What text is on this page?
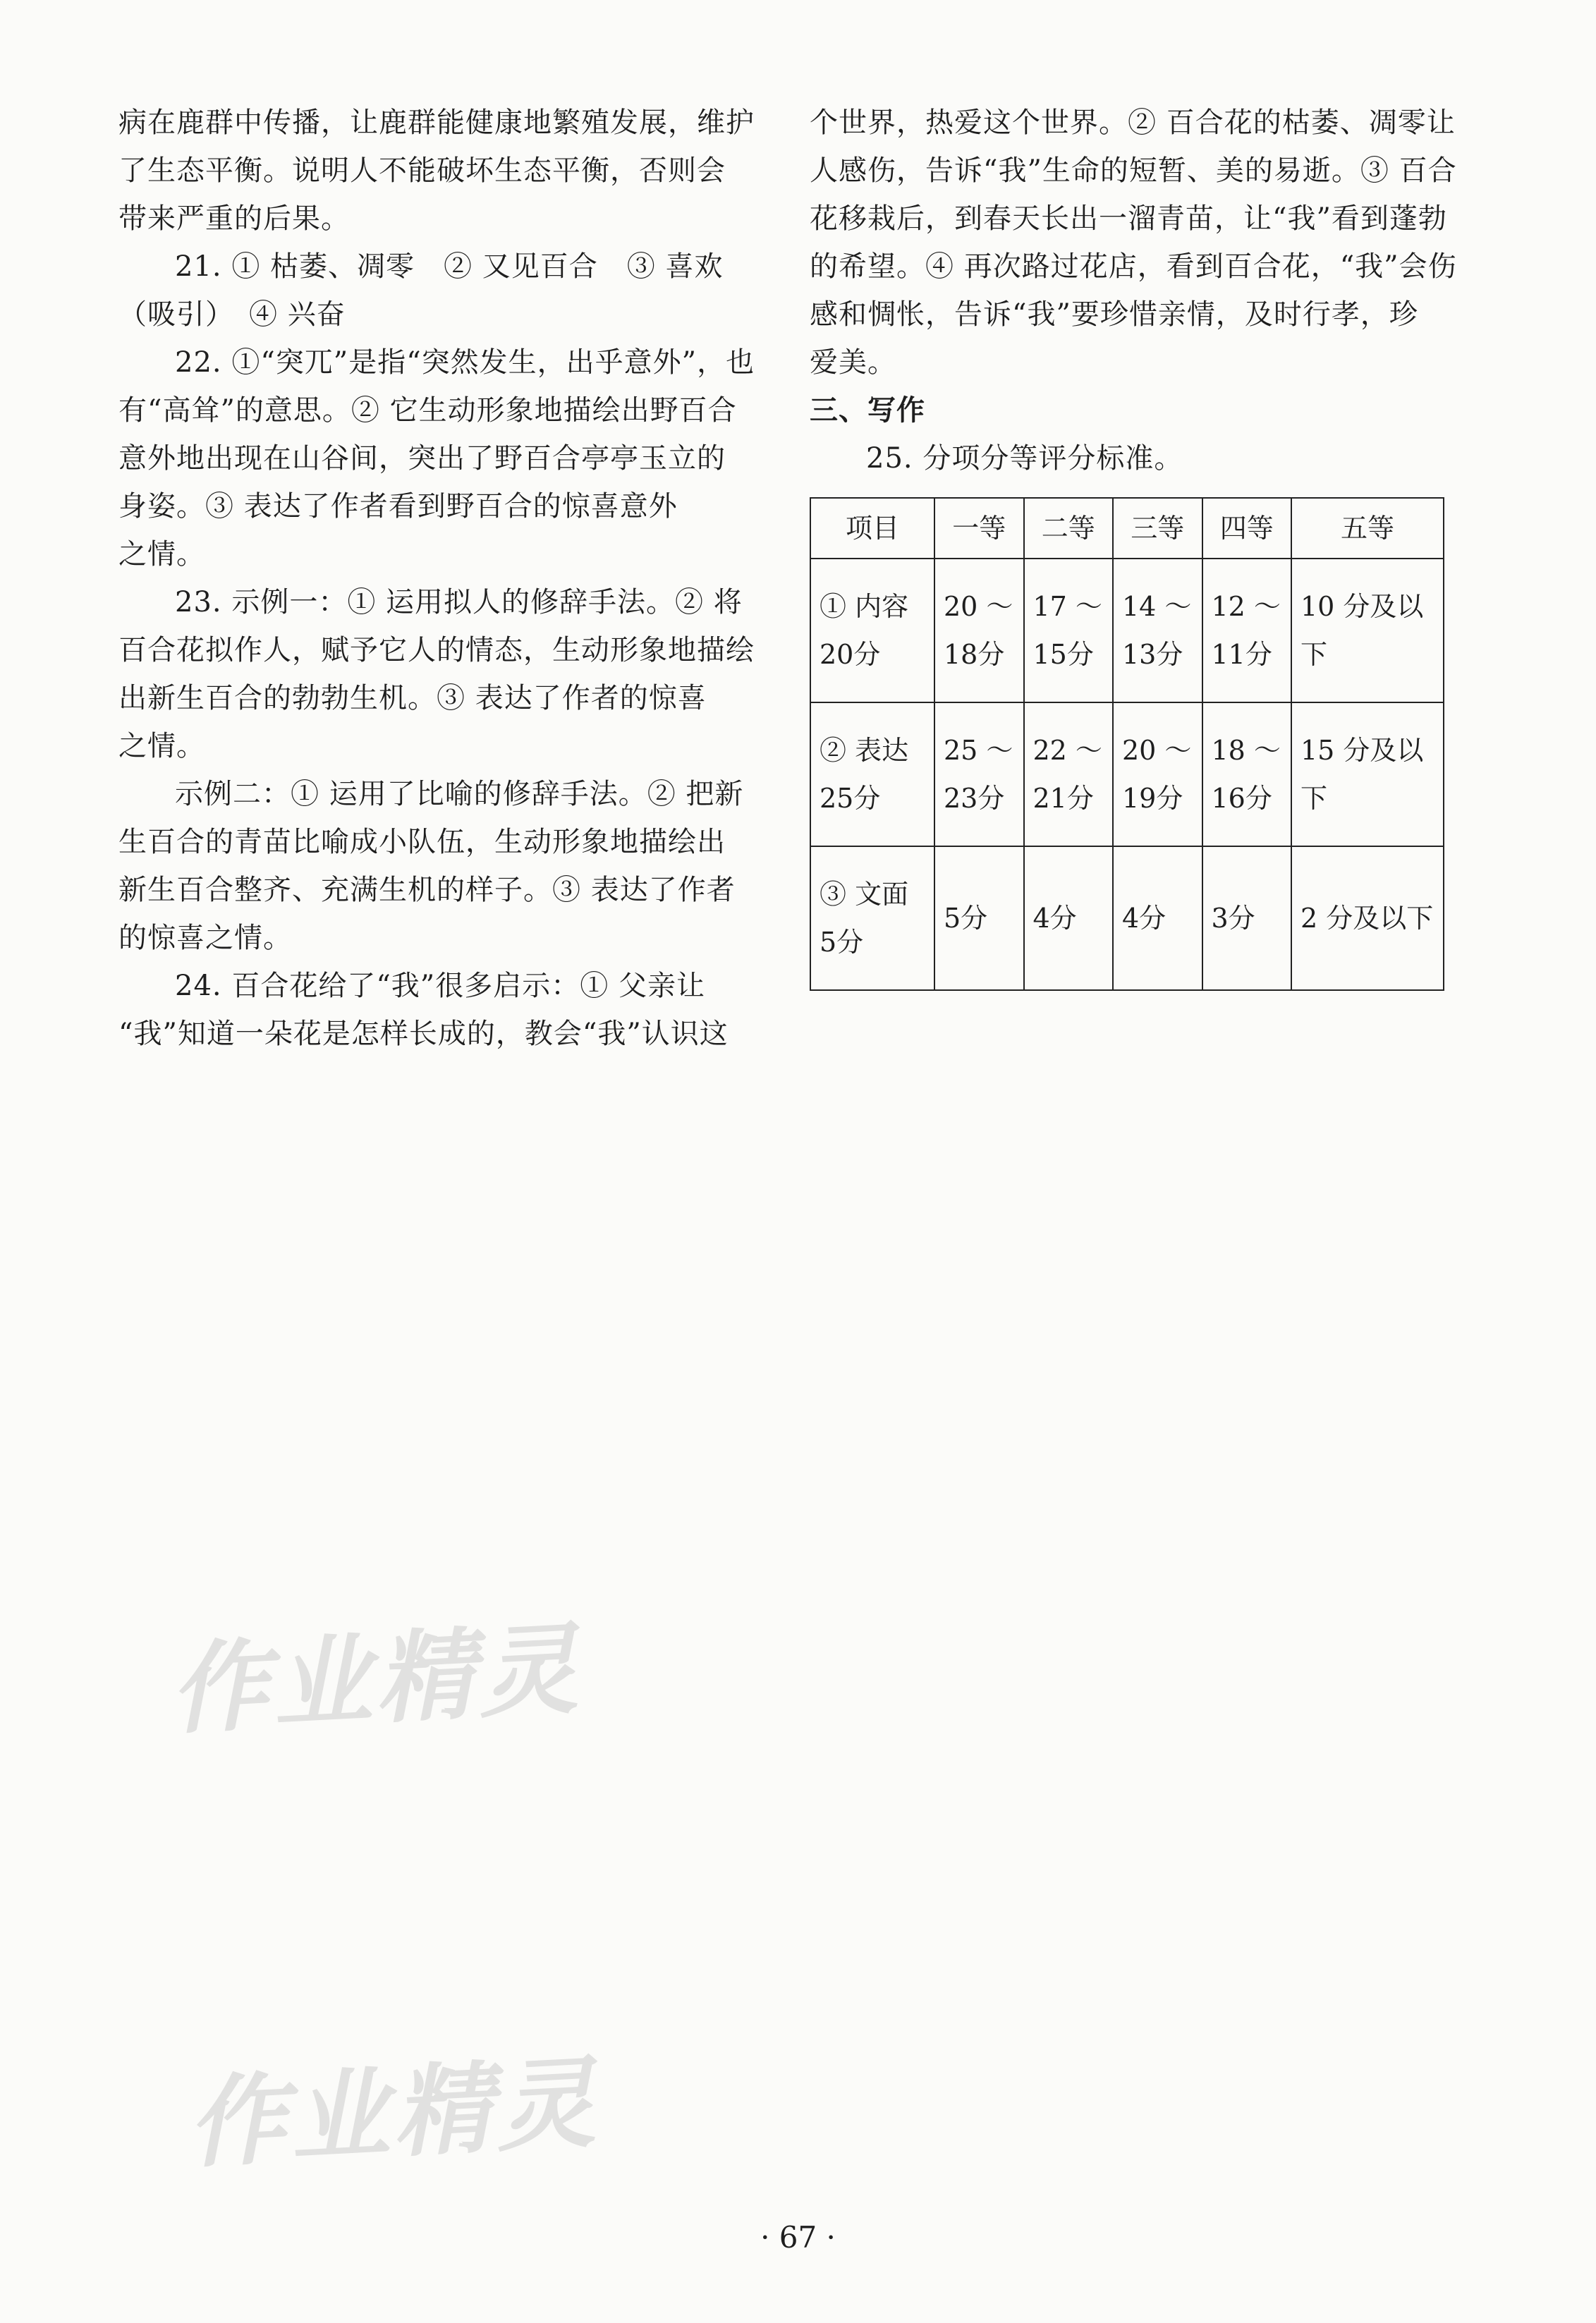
病在鹿群中传播，让鹿群能健康地繁殖发展，维护
了生态平衡。说明人不能破坏生态平衡，否则会
带来严重的后果。
21. ① 枯萎、凋零　② 又见百合　③ 喜欢
（吸引）　④ 兴奋
22. ①“突兀”是指“突然发生，出乎意外”，也
有“高耸”的意思。② 它生动形象地描绘出野百合
意外地出现在山谷间，突出了野百合亭亭玉立的
身姿。③ 表达了作者看到野百合的惊喜意外
之情。
23. 示例一：① 运用拟人的修辞手法。② 将
百合花拟作人，赋予它人的情态，生动形象地描绘
出新生百合的勃勃生机。③ 表达了作者的惊喜
之情。
示例二：① 运用了比喻的修辞手法。② 把新
生百合的青苗比喻成小队伍，生动形象地描绘出
新生百合整齐、充满生机的样子。③ 表达了作者
的惊喜之情。
24. 百合花给了“我”很多启示：① 父亲让
“我”知道一朵花是怎样长成的，教会“我”认识这
个世界，热爱这个世界。② 百合花的枯萎、凋零让
人感伤，告诉“我”生命的短暂、美的易逝。③ 百合
花移栽后，到春天长出一溜青苗，让“我”看到蓬勃
的希望。④ 再次路过花店，看到百合花，“我”会伤
感和惆怅，告诉“我”要珍惜亲情，及时行孝，珍
爱美。
三、写作
25. 分项分等评分标准。
项目	一等	二等	三等	四等	五等
① 内容 20分	20 ～ 18分	17 ～ 15分	14 ～ 13分	12 ～ 11分	10 分及以下
② 表达 25分	25 ～ 23分	22 ～ 21分	20 ～ 19分	18 ～ 16分	15 分及以下
③ 文面 5分	5分	4分	4分	3分	2 分及以下
作业精灵
作业精灵
· 67 ·
